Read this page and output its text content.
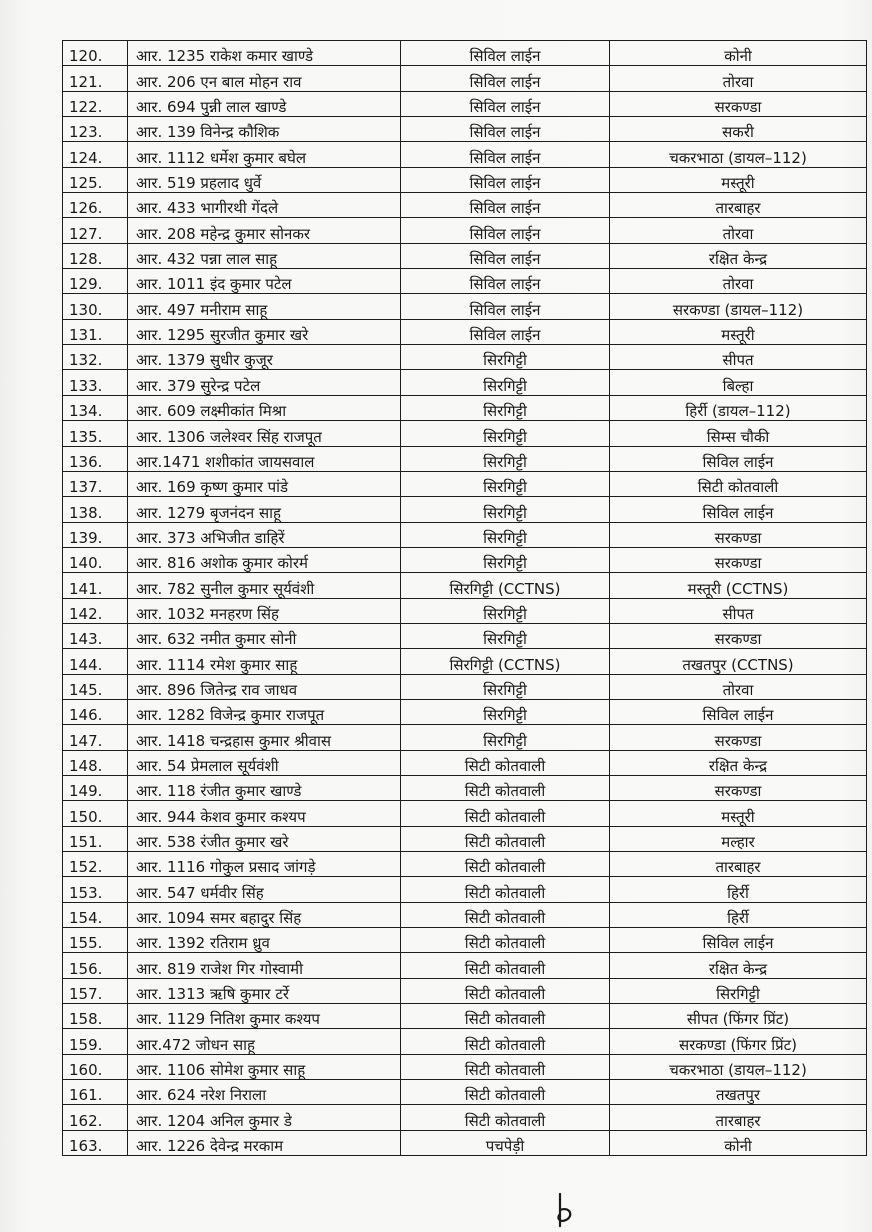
120.	आर. 1235 राकेश कमार खाण्डे	सिविल लाईन	कोनी
121.	आर. 206 एन बाल मोहन राव	सिविल लाईन	तोरवा
122.	आर. 694 पुन्नी लाल खाण्डे	सिविल लाईन	सरकण्डा
123.	आर. 139 विनेन्द्र कौशिक	सिविल लाईन	सकरी
124.	आर. 1112 धर्मेश कुमार बघेल	सिविल लाईन	चकरभाठा (डायल–112)
125.	आर. 519 प्रहलाद धुर्वे	सिविल लाईन	मस्तूरी
126.	आर. 433 भागीरथी गेंदले	सिविल लाईन	तारबाहर
127.	आर. 208 महेन्द्र कुमार सोनकर	सिविल लाईन	तोरवा
128.	आर. 432 पन्ना लाल साहू	सिविल लाईन	रक्षित केन्द्र
129.	आर. 1011 इंद कुमार पटेल	सिविल लाईन	तोरवा
130.	आर. 497 मनीराम साहू	सिविल लाईन	सरकण्डा (डायल–112)
131.	आर. 1295 सुरजीत कुमार खरे	सिविल लाईन	मस्तूरी
132.	आर. 1379 सुधीर कुजूर	सिरगिट्टी	सीपत
133.	आर. 379 सुरेन्द्र पटेल	सिरगिट्टी	बिल्हा
134.	आर. 609 लक्ष्मीकांत मिश्रा	सिरगिट्टी	हिर्री (डायल–112)
135.	आर. 1306 जलेश्वर सिंह राजपूत	सिरगिट्टी	सिम्स चौकी
136.	आर.1471 शशीकांत जायसवाल	सिरगिट्टी	सिविल लाईन
137.	आर. 169 कृष्ण कुमार पांडे	सिरगिट्टी	सिटी कोतवाली
138.	आर. 1279 बृजनंदन साहू	सिरगिट्टी	सिविल लाईन
139.	आर. 373 अभिजीत डाहिरें	सिरगिट्टी	सरकण्डा
140.	आर. 816 अशोक कुमार कोरर्म	सिरगिट्टी	सरकण्डा
141.	आर. 782 सुनील कुमार सूर्यवंशी	सिरगिट्टी (CCTNS)	मस्तूरी (CCTNS)
142.	आर. 1032 मनहरण सिंह	सिरगिट्टी	सीपत
143.	आर. 632 नमीत कुमार सोनी	सिरगिट्टी	सरकण्डा
144.	आर. 1114 रमेश कुमार साहू	सिरगिट्टी (CCTNS)	तखतपुर (CCTNS)
145.	आर. 896 जितेन्द्र राव जाधव	सिरगिट्टी	तोरवा
146.	आर. 1282 विजेन्द्र कुमार राजपूत	सिरगिट्टी	सिविल लाईन
147.	आर. 1418 चन्द्रहास कुमार श्रीवास	सिरगिट्टी	सरकण्डा
148.	आर. 54 प्रेमलाल सूर्यवंशी	सिटी कोतवाली	रक्षित केन्द्र
149.	आर. 118 रंजीत कुमार खाण्डे	सिटी कोतवाली	सरकण्डा
150.	आर. 944 केशव कुमार कश्यप	सिटी कोतवाली	मस्तूरी
151.	आर. 538 रंजीत कुमार खरे	सिटी कोतवाली	मल्हार
152.	आर. 1116 गोकुल प्रसाद जांगड़े	सिटी कोतवाली	तारबाहर
153.	आर. 547 धर्मवीर सिंह	सिटी कोतवाली	हिर्री
154.	आर. 1094 समर बहादुर सिंह	सिटी कोतवाली	हिर्री
155.	आर. 1392 रतिराम ध्रुव	सिटी कोतवाली	सिविल लाईन
156.	आर. 819 राजेश गिर गोस्वामी	सिटी कोतवाली	रक्षित केन्द्र
157.	आर. 1313 ऋषि कुमार टर्रे	सिटी कोतवाली	सिरगिट्टी
158.	आर. 1129 नितिश कुमार कश्यप	सिटी कोतवाली	सीपत (फिंगर प्रिंट)
159.	आर.472 जोधन साहू	सिटी कोतवाली	सरकण्डा (फिंगर प्रिंट)
160.	आर. 1106 सोमेश कुमार साहू	सिटी कोतवाली	चकरभाठा (डायल–112)
161.	आर. 624 नरेश निराला	सिटी कोतवाली	तखतपुर
162.	आर. 1204 अनिल कुमार डे	सिटी कोतवाली	तारबाहर
163.	आर. 1226 देवेन्द्र मरकाम	पचपेड़ी	कोनी
